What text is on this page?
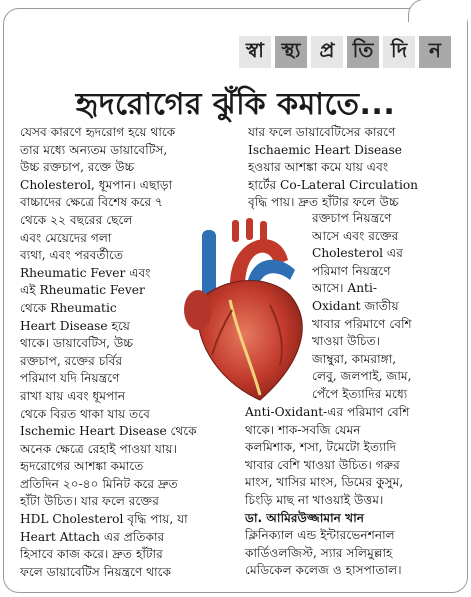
স্বা স্থ্য প্র তি দি	ন
হৃদরোগের ঝুঁকি কমাতে...

যেসব কারণে হৃদরোগ হয়ে থাকে

তার মধ্যে অন্যতম ডায়াবেটিস,

উচ্চ রক্তচাপ, রক্তে উচ্চ

Cholesterol, ধূমপান। এছাড়া

বাচ্চাদের ক্ষেত্রে বিশেষ করে ৭

থেকে ২২ বছরের ছেলে

এবং মেয়েদের গলা

ব্যথা, এবং পরবর্তীতে

Rheumatic Fever এবং

এই Rheumatic Fever

থেকে Rheumatic

Heart Disease হয়ে

থাকে। ডায়াবেটিস, উচ্চ

রক্তচাপ, রক্তের চর্বির

পরিমাণ যদি নিয়ন্ত্রণে

রাখা যায় এবং ধূমপান

থেকে বিরত থাকা যায় তবে

Ischemic Heart Disease থেকে

অনেক ক্ষেত্রে রেহাই পাওয়া যায়।

হৃদরোগের আশঙ্কা কমাতে

প্রতিদিন ২০-৪০ মিনিট করে দ্রুত

হাঁটা উচিত। যার ফলে রক্তের

HDL Cholesterol বৃদ্ধি পায়, যা

Heart Attach এর প্রতিকার

হিসাবে কাজ করে। দ্রুত হাঁটার

ফলে ডায়াবেটিস নিয়ন্ত্রণে থাকে

যার ফলে ডায়াবেটিসের কারণে

Ischaemic Heart Disease

হওয়ার আশঙ্কা কমে যায় এবং

হার্টের Co-Lateral Circulation

বৃদ্ধি পায়। দ্রুত হাঁটার ফলে উচ্চ

রক্তচাপ নিয়ন্ত্রণে

আসে এবং রক্তের

Cholesterol এর

পরিমাণ নিয়ন্ত্রণে

আসে। Anti-

Oxidant জাতীয়

খাবার পরিমাণে বেশি

খাওয়া উচিত।

জাম্বুরা, কামরাঙ্গা,

লেবু, জলপাই, জাম,

পেঁপে ইত্যাদির মধ্যে

Anti-Oxidant-এর পরিমাণ বেশি

থাকে। শাক-সবজি যেমন

কলমিশাক, শসা, টমেটো ইত্যাদি

খাবার বেশি খাওয়া উচিত। গরুর

মাংস, খাসির মাংস, ডিমের কুসুম,

চিংড়ি মাছ না খাওয়াই উত্তম।

ডা. আমিরউজ্জামান খান

ক্লিনিক্যাল এন্ড ইন্টারভেনশনাল

কার্ডিওলজিস্ট, স্যার সলিমুল্লাহ

মেডিকেল কলেজ ও হাসপাতাল।
